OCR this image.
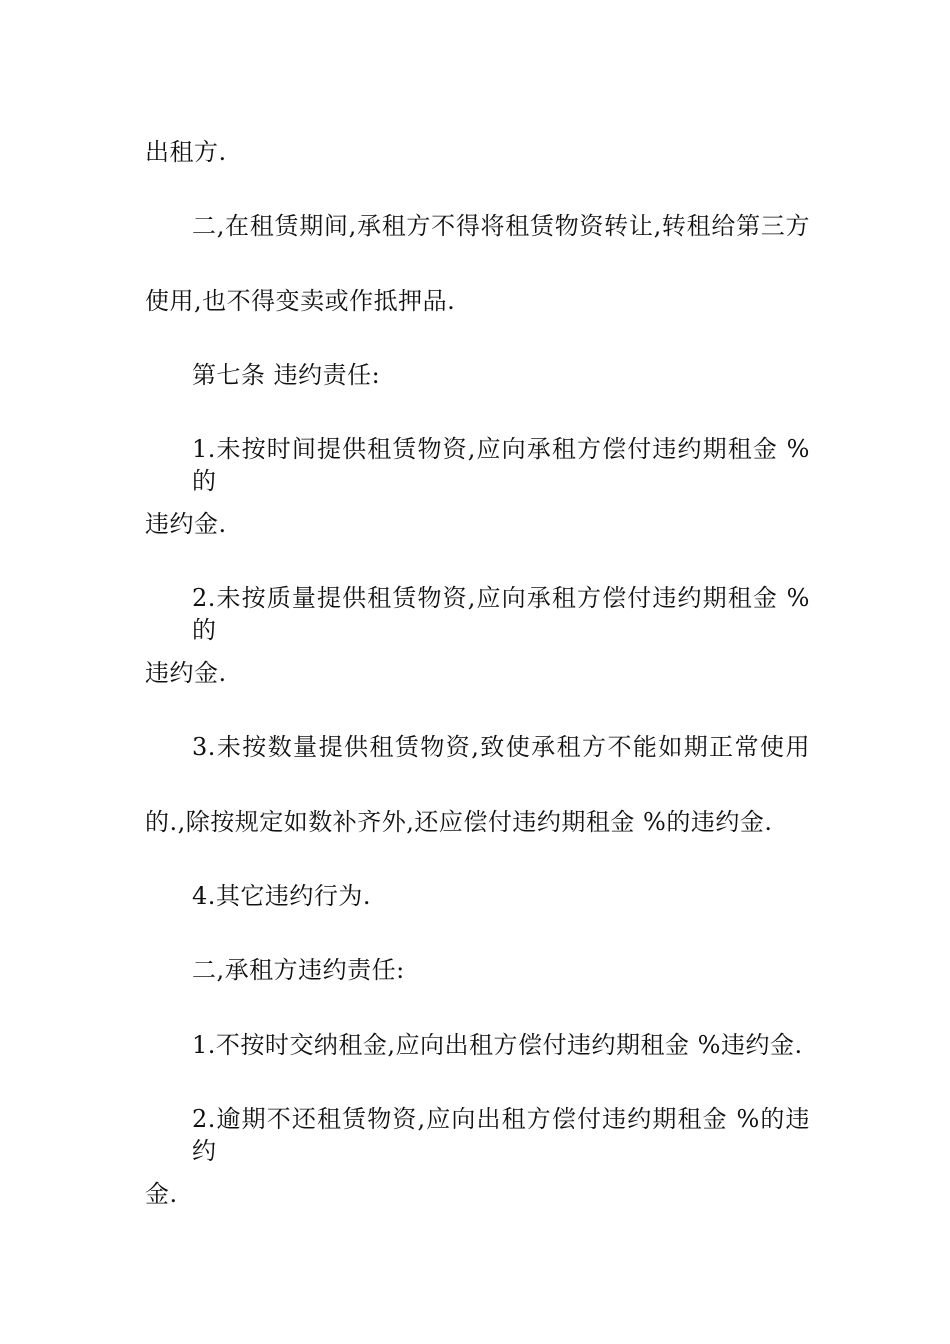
出租方.
二,在租赁期间,承租方不得将租赁物资转让,转租给第三方
使用,也不得变卖或作抵押品.
第七条 违约责任:
1.未按时间提供租赁物资,应向承租方偿付违约期租金 %的
违约金.
2.未按质量提供租赁物资,应向承租方偿付违约期租金 %的
违约金.
3.未按数量提供租赁物资,致使承租方不能如期正常使用
的.,除按规定如数补齐外,还应偿付违约期租金 %的违约金.
4.其它违约行为.
二,承租方违约责任:
1.不按时交纳租金,应向出租方偿付违约期租金 %违约金.
2.逾期不还租赁物资,应向出租方偿付违约期租金 %的违约
金.
